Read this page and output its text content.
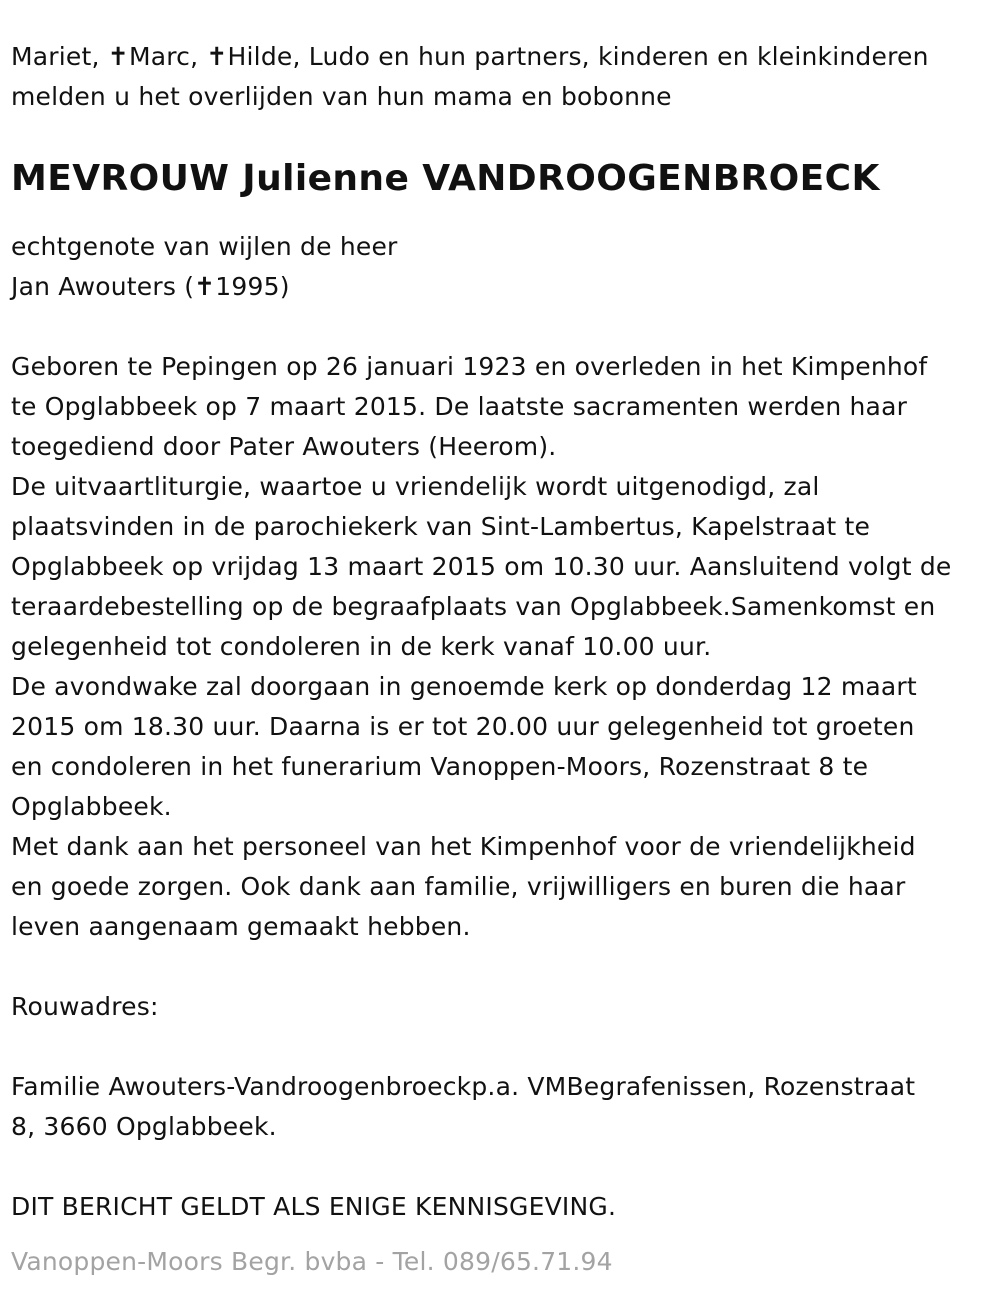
Mariet, ✝Marc, ✝Hilde, Ludo en hun partners, kinderen en kleinkinderen

melden u het overlijden van hun mama en bobonne

MEVROUW Julienne VANDROOGENBROECK

echtgenote van wijlen de heer

Jan Awouters (✝1995)

Geboren te Pepingen op 26 januari 1923 en overleden in het Kimpenhof

te Opglabbeek op 7 maart 2015. De laatste sacramenten werden haar

toegediend door Pater Awouters (Heerom).

De uitvaartliturgie, waartoe u vriendelijk wordt uitgenodigd, zal

plaatsvinden in de parochiekerk van Sint-Lambertus, Kapelstraat te

Opglabbeek op vrijdag 13 maart 2015 om 10.30 uur. Aansluitend volgt de

teraardebestelling op de begraafplaats van Opglabbeek.Samenkomst en

gelegenheid tot condoleren in de kerk vanaf 10.00 uur.

De avondwake zal doorgaan in genoemde kerk op donderdag 12 maart

2015 om 18.30 uur. Daarna is er tot 20.00 uur gelegenheid tot groeten

en condoleren in het funerarium Vanoppen-Moors, Rozenstraat 8 te

Opglabbeek.

Met dank aan het personeel van het Kimpenhof voor de vriendelijkheid

en goede zorgen. Ook dank aan familie, vrijwilligers en buren die haar

leven aangenaam gemaakt hebben.

Rouwadres:

Familie Awouters-Vandroogenbroeckp.a. VMBegrafenissen, Rozenstraat

8, 3660 Opglabbeek.

DIT BERICHT GELDT ALS ENIGE KENNISGEVING.

Vanoppen-Moors Begr. bvba - Tel. 089/65.71.94
